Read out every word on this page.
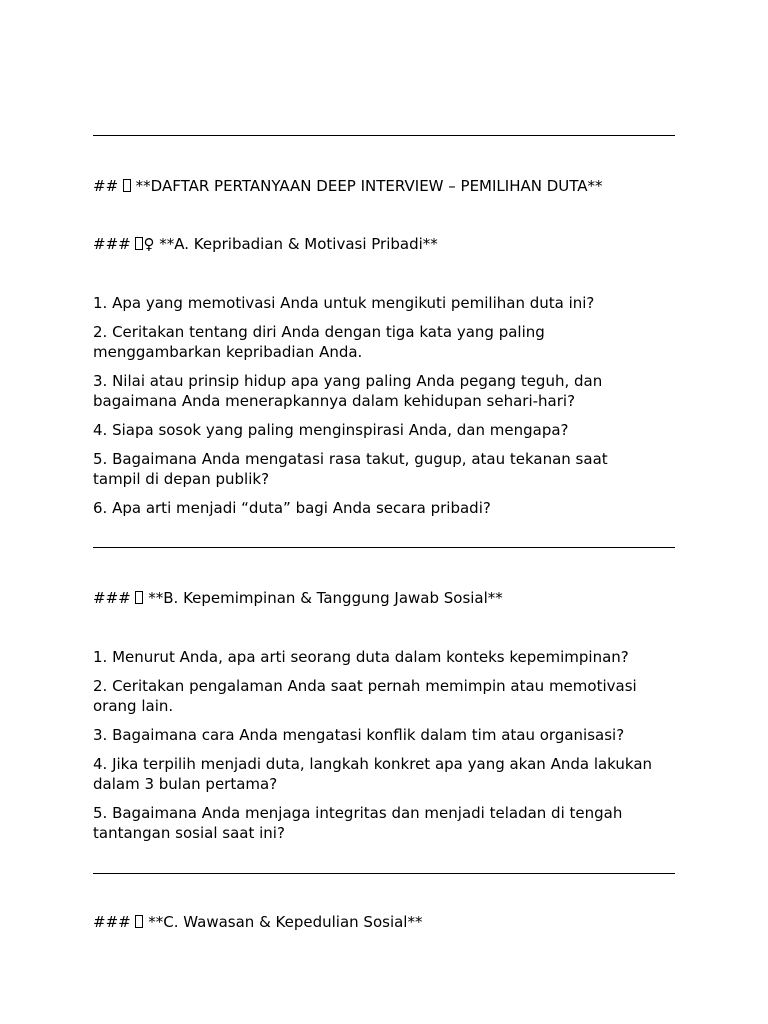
##  **DAFTAR PERTANYAAN DEEP INTERVIEW – PEMILIHAN DUTA**
### ♀ **A. Kepribadian & Motivasi Pribadi**
1. Apa yang memotivasi Anda untuk mengikuti pemilihan duta ini?
2. Ceritakan tentang diri Anda dengan tiga kata yang paling
menggambarkan kepribadian Anda.
3. Nilai atau prinsip hidup apa yang paling Anda pegang teguh, dan
bagaimana Anda menerapkannya dalam kehidupan sehari-hari?
4. Siapa sosok yang paling menginspirasi Anda, dan mengapa?
5. Bagaimana Anda mengatasi rasa takut, gugup, atau tekanan saat
tampil di depan publik?
6. Apa arti menjadi “duta” bagi Anda secara pribadi?
###  **B. Kepemimpinan & Tanggung Jawab Sosial**
1. Menurut Anda, apa arti seorang duta dalam konteks kepemimpinan?
2. Ceritakan pengalaman Anda saat pernah memimpin atau memotivasi
orang lain.
3. Bagaimana cara Anda mengatasi konflik dalam tim atau organisasi?
4. Jika terpilih menjadi duta, langkah konkret apa yang akan Anda lakukan
dalam 3 bulan pertama?
5. Bagaimana Anda menjaga integritas dan menjadi teladan di tengah
tantangan sosial saat ini?
###  **C. Wawasan & Kepedulian Sosial**
